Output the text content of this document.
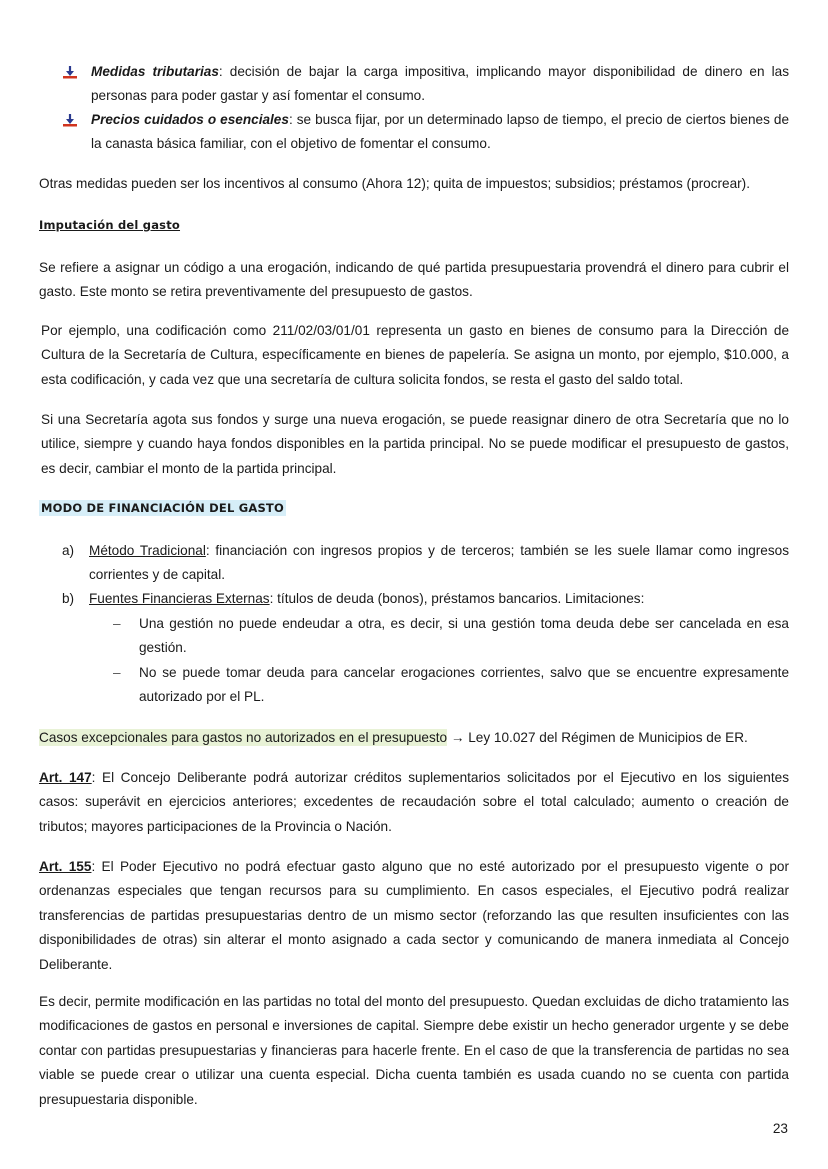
Medidas tributarias: decisión de bajar la carga impositiva, implicando mayor disponibilidad de dinero en las personas para poder gastar y así fomentar el consumo.
Precios cuidados o esenciales: se busca fijar, por un determinado lapso de tiempo, el precio de ciertos bienes de la canasta básica familiar, con el objetivo de fomentar el consumo.

Otras medidas pueden ser los incentivos al consumo (Ahora 12); quita de impuestos; subsidios; préstamos (procrear).

Imputación del gasto

Se refiere a asignar un código a una erogación, indicando de qué partida presupuestaria provendrá el dinero para cubrir el gasto. Este monto se retira preventivamente del presupuesto de gastos.

Por ejemplo, una codificación como 211/02/03/01/01 representa un gasto en bienes de consumo para la Dirección de Cultura de la Secretaría de Cultura, específicamente en bienes de papelería. Se asigna un monto, por ejemplo, $10.000, a esta codificación, y cada vez que una secretaría de cultura solicita fondos, se resta el gasto del saldo total.

Si una Secretaría agota sus fondos y surge una nueva erogación, se puede reasignar dinero de otra Secretaría que no lo utilice, siempre y cuando haya fondos disponibles en la partida principal. No se puede modificar el presupuesto de gastos, es decir, cambiar el monto de la partida principal.

MODO DE FINANCIACIÓN DEL GASTO
a) Método Tradicional: financiación con ingresos propios y de terceros; también se les suele llamar como ingresos corrientes y de capital.
b) Fuentes Financieras Externas: títulos de deuda (bonos), préstamos bancarios. Limitaciones:
– Una gestión no puede endeudar a otra, es decir, si una gestión toma deuda debe ser cancelada en esa gestión.
– No se puede tomar deuda para cancelar erogaciones corrientes, salvo que se encuentre expresamente autorizado por el PL.

Casos excepcionales para gastos no autorizados en el presupuesto → Ley 10.027 del Régimen de Municipios de ER.

Art. 147: El Concejo Deliberante podrá autorizar créditos suplementarios solicitados por el Ejecutivo en los siguientes casos: superávit en ejercicios anteriores; excedentes de recaudación sobre el total calculado; aumento o creación de tributos; mayores participaciones de la Provincia o Nación.

Art. 155: El Poder Ejecutivo no podrá efectuar gasto alguno que no esté autorizado por el presupuesto vigente o por ordenanzas especiales que tengan recursos para su cumplimiento. En casos especiales, el Ejecutivo podrá realizar transferencias de partidas presupuestarias dentro de un mismo sector (reforzando las que resulten insuficientes con las disponibilidades de otras) sin alterar el monto asignado a cada sector y comunicando de manera inmediata al Concejo Deliberante.

Es decir, permite modificación en las partidas no total del monto del presupuesto. Quedan excluidas de dicho tratamiento las modificaciones de gastos en personal e inversiones de capital. Siempre debe existir un hecho generador urgente y se debe contar con partidas presupuestarias y financieras para hacerle frente. En el caso de que la transferencia de partidas no sea viable se puede crear o utilizar una cuenta especial. Dicha cuenta también es usada cuando no se cuenta con partida presupuestaria disponible.

23
